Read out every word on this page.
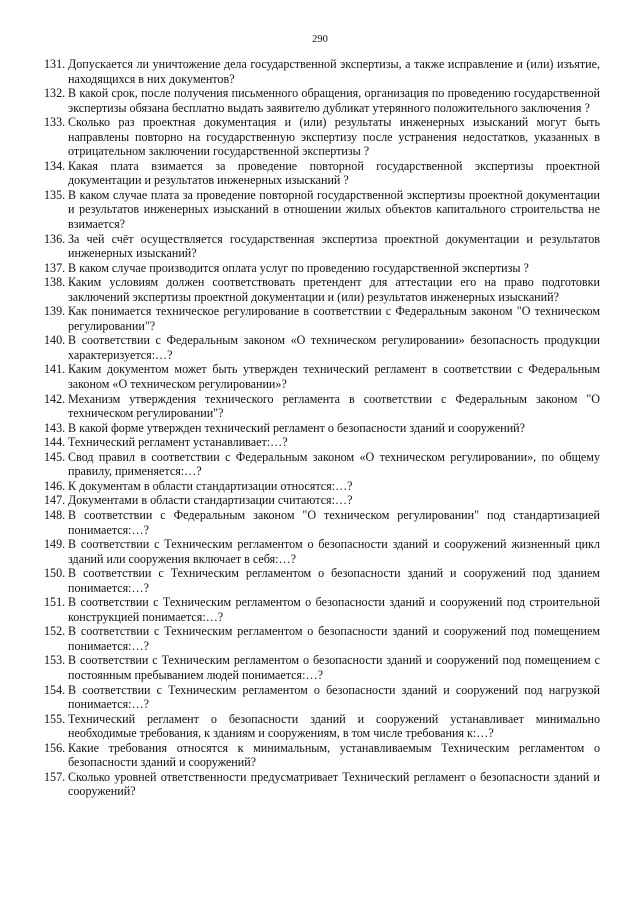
290
131. Допускается ли уничтожение дела государственной экспертизы, а также исправление и (или) изъятие, находящихся в них документов?
132. В какой срок, после получения письменного обращения, организация по проведению государственной экспертизы обязана бесплатно выдать заявителю дубликат утерянного положительного заключения ?
133. Сколько раз проектная документация и (или) результаты инженерных изысканий могут быть направлены повторно на государственную экспертизу после устранения недостатков, указанных в отрицательном заключении государственной экспертизы ?
134. Какая плата взимается за проведение повторной государственной экспертизы проектной документации и результатов инженерных изысканий ?
135. В каком случае плата за проведение повторной государственной экспертизы проектной документации и результатов инженерных изысканий в отношении жилых объектов капитального строительства не взимается?
136. За чей счёт осуществляется государственная экспертиза проектной документации и результатов инженерных изысканий?
137. В каком случае производится оплата услуг по проведению государственной экспертизы ?
138. Каким условиям должен соответствовать претендент для аттестации его на право подготовки заключений экспертизы проектной документации и (или) результатов инженерных изысканий?
139. Как понимается техническое регулирование в соответствии с Федеральным законом "О техническом регулировании"?
140. В соответствии с Федеральным законом «О техническом регулировании» безопасность продукции характеризуется:…?
141. Каким документом может быть утвержден технический регламент в соответствии с Федеральным законом «О техническом регулировании»?
142. Механизм утверждения технического регламента в соответствии с Федеральным законом "О техническом регулировании"?
143. В какой форме утвержден технический регламент о безопасности зданий и сооружений?
144. Технический регламент устанавливает:…?
145. Свод правил в соответствии с Федеральным законом «О техническом регулировании», по общему правилу, применяется:…?
146. К документам в области стандартизации относятся:…?
147. Документами в области стандартизации считаются:…?
148. В соответствии с Федеральным законом "О техническом регулировании" под стандартизацией понимается:…?
149. В соответствии с Техническим регламентом о безопасности зданий и сооружений жизненный цикл зданий или сооружения включает в себя:…?
150. В соответствии с Техническим регламентом о безопасности зданий и сооружений под зданием понимается:…?
151. В соответствии с Техническим регламентом о безопасности зданий и сооружений под строительной конструкцией понимается:…?
152. В соответствии с Техническим регламентом о безопасности зданий и сооружений под помещением понимается:…?
153. В соответствии с Техническим регламентом о безопасности зданий и сооружений под помещением с постоянным пребыванием людей понимается:…?
154. В соответствии с Техническим регламентом о безопасности зданий и сооружений под нагрузкой понимается:…?
155. Технический регламент о безопасности зданий и сооружений устанавливает минимально необходимые требования, к зданиям и сооружениям, в том числе требования к:…?
156. Какие требования относятся к минимальным, устанавливаемым Техническим регламентом о безопасности зданий и сооружений?
157. Сколько уровней ответственности предусматривает Технический регламент о безопасности зданий и сооружений?
